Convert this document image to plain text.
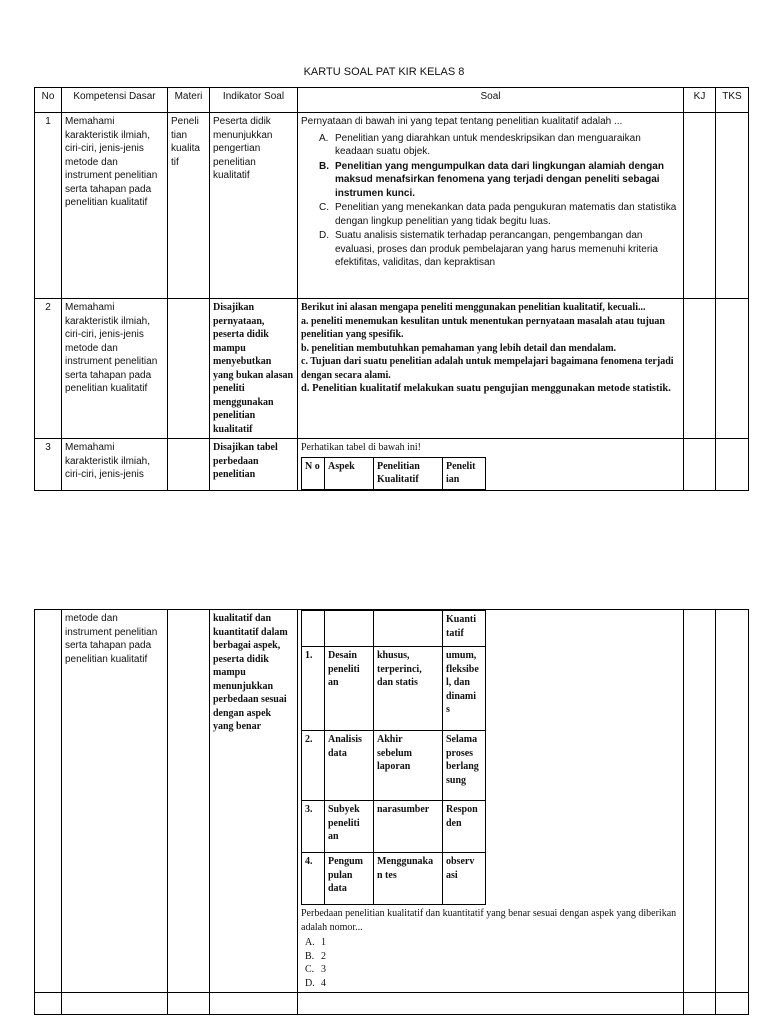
KARTU SOAL PAT KIR KELAS 8
No	Kompetensi Dasar	Materi	Indikator Soal	Soal	KJ	TKS
1	Memahami karakteristik ilmiah, ciri-ciri, jenis-jenis metode dan instrument penelitian serta tahapan pada penelitian kualitatif	Peneli tian kualita tif	Peserta didik menunjukkan pengertian penelitian kualitatif	
Pernyataan di bawah ini yang tepat tentang penelitian kualitatif adalah ...
A. Penelitian yang diarahkan untuk mendeskripsikan dan menguaraikan keadaan suatu objek.
B. Penelitian yang mengumpulkan data dari lingkungan alamiah dengan maksud menafsirkan fenomena yang terjadi dengan peneliti sebagai instrumen kunci.
C. Penelitian yang menekankan data pada pengukuran matematis dan statistika dengan lingkup penelitian yang tidak begitu luas.
D. Suatu analisis sistematik terhadap perancangan, pengembangan dan evaluasi, proses dan produk pembelajaran yang harus memenuhi kriteria efektifitas, validitas, dan kepraktisan

2	Memahami karakteristik ilmiah, ciri-ciri, jenis-jenis metode dan instrument penelitian serta tahapan pada penelitian kualitatif		Disajikan pernyataan, peserta didik mampu menyebutkan yang bukan alasan peneliti menggunakan penelitian kualitatif	

Berikut ini alasan mengapa peneliti menggunakan penelitian kualitatif, kecuali...

a. peneliti menemukan kesulitan untuk menentukan pernyataan masalah atau tujuan penelitian yang spesifik.

b. penelitian membutuhkan pemahaman yang lebih detail dan mendalam.

c. Tujuan dari suatu penelitian adalah untuk mempelajari bagaimana fenomena terjadi dengan secara alami.

d. Penelitian kualitatif melakukan suatu pengujian menggunakan metode statistik.

3	Memahami karakteristik ilmiah, ciri-ciri, jenis-jenis		Disajikan tabel perbedaan penelitian	
Perhatikan tabel di bawah ini!
N o	Aspek	Penelitian Kualitatif	Penelit ian

	metode dan instrument penelitian serta tahapan pada penelitian kualitatif		kualitatif dan kuantitatif dalam berbagai aspek, peserta didik mampu menunjukkan perbedaan sesuai dengan aspek yang benar	
			Kuanti tatif
1.	Desain peneliti an	khusus, terperinci, dan statis	umum, fleksibe l, dan dinami s
2.	Analisis data	Akhir sebelum laporan	Selama proses berlang sung
3.	Subyek peneliti an	narasumber	Respon den
4.	Pengum pulan data	Menggunaka n tes	observ asi
Perbedaan penelitian kualitatif dan kuantitatif yang benar sesuai dengan aspek yang diberikan adalah nomor...
A. 1
B. 2
C. 3
D. 4
